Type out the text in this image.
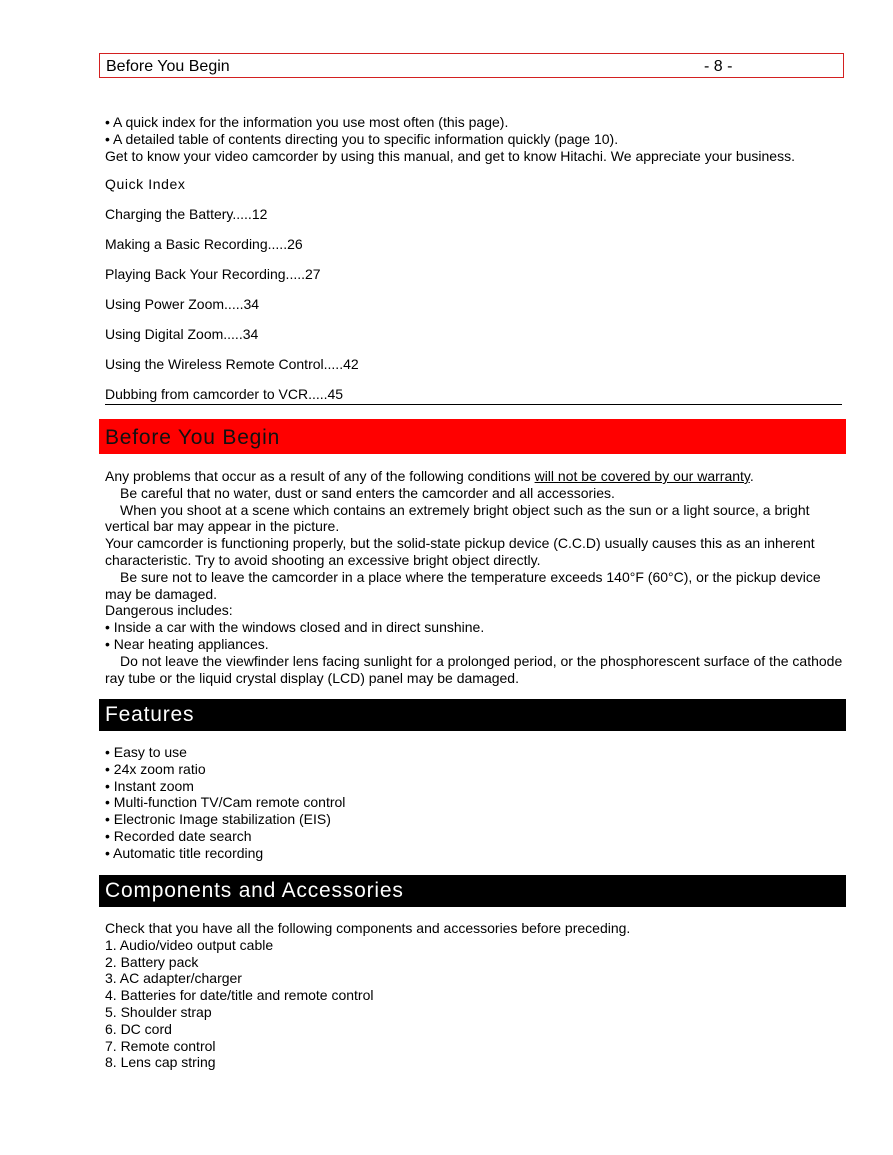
Before You Begin	- 8 -
• A quick index for the information you use most often (this page).
• A detailed table of contents directing you to specific information quickly (page 10).
Get to know your video camcorder by using this manual, and get to know Hitachi. We appreciate your business.
Quick Index
Charging the Battery.....12
Making a Basic Recording.....26
Playing Back Your Recording.....27
Using Power Zoom.....34
Using Digital Zoom.....34
Using the Wireless Remote Control.....42
Dubbing from camcorder to VCR.....45
Before You Begin
Any problems that occur as a result of any of the following conditions will not be covered by our warranty.
Be careful that no water, dust or sand enters the camcorder and all accessories.
When you shoot at a scene which contains an extremely bright object such as the sun or a light source, a bright vertical bar may appear in the picture.
Your camcorder is functioning properly, but the solid-state pickup device (C.C.D) usually causes this as an inherent characteristic. Try to avoid shooting an excessive bright object directly.
Be sure not to leave the camcorder in a place where the temperature exceeds 140°F (60°C), or the pickup device may be damaged.
Dangerous includes:
• Inside a car with the windows closed and in direct sunshine.
• Near heating appliances.
Do not leave the viewfinder lens facing sunlight for a prolonged period, or the phosphorescent surface of the cathode ray tube or the liquid crystal display (LCD) panel may be damaged.
Features
• Easy to use
• 24x zoom ratio
• Instant zoom
• Multi-function TV/Cam remote control
• Electronic Image stabilization (EIS)
• Recorded date search
• Automatic title recording
Components and Accessories
Check that you have all the following components and accessories before preceding.
1. Audio/video output cable
2. Battery pack
3. AC adapter/charger
4. Batteries for date/title and remote control
5. Shoulder strap
6. DC cord
7. Remote control
8. Lens cap string
